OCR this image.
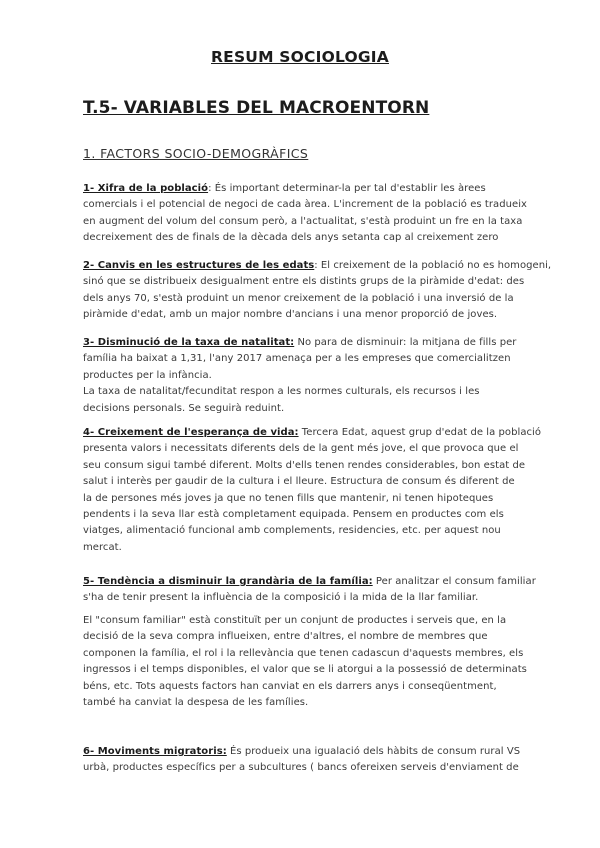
RESUM SOCIOLOGIA
T.5- VARIABLES DEL MACROENTORN
1. FACTORS SOCIO-DEMOGRÀFICS
1- Xifra de la població: És important determinar-la per tal d'establir les àrees
comercials i el potencial de negoci de cada àrea. L'increment de la població es tradueix
en augment del volum del consum però, a l'actualitat, s'està produint un fre en la taxa
decreixement des de finals de la dècada dels anys setanta cap al creixement zero
2- Canvis en les estructures de les edats: El creixement de la població no es homogeni,
sinó que se distribueix desigualment entre els distints grups de la piràmide d'edat: des
dels anys 70, s'està produint un menor creixement de la població i una inversió de la
piràmide d'edat, amb un major nombre d'ancians i una menor proporció de joves.
3- Disminució de la taxa de natalitat: No para de disminuir: la mitjana de fills per
família ha baixat a 1,31, l'any 2017 amenaça per a les empreses que comercialitzen
productes per la infància.
La taxa de natalitat/fecunditat respon a les normes culturals, els recursos i les
decisions personals. Se seguirà reduint.
4- Creixement de l'esperança de vida: Tercera Edat, aquest grup d'edat de la població
presenta valors i necessitats diferents dels de la gent més jove, el que provoca que el
seu consum sigui també diferent. Molts d'ells tenen rendes considerables, bon estat de
salut i interès per gaudir de la cultura i el lleure. Estructura de consum és diferent de
la de persones més joves ja que no tenen fills que mantenir, ni tenen hipoteques
pendents i la seva llar està completament equipada. Pensem en productes com els
viatges, alimentació funcional amb complements, residencies, etc. per aquest nou
mercat.
5- Tendència a disminuir la grandària de la família: Per analitzar el consum familiar
s'ha de tenir present la influència de la composició i la mida de la llar familiar.
El "consum familiar" està constituït per un conjunt de productes i serveis que, en la
decisió de la seva compra influeixen, entre d'altres, el nombre de membres que
componen la família, el rol i la rellevància que tenen cadascun d'aquests membres, els
ingressos i el temps disponibles, el valor que se li atorgui a la possessió de determinats
béns, etc. Tots aquests factors han canviat en els darrers anys i conseqüentment,
també ha canviat la despesa de les famílies.
6- Moviments migratoris: És produeix una igualació dels hàbits de consum rural VS
urbà, productes específics per a subcultures ( bancs ofereixen serveis d'enviament de
